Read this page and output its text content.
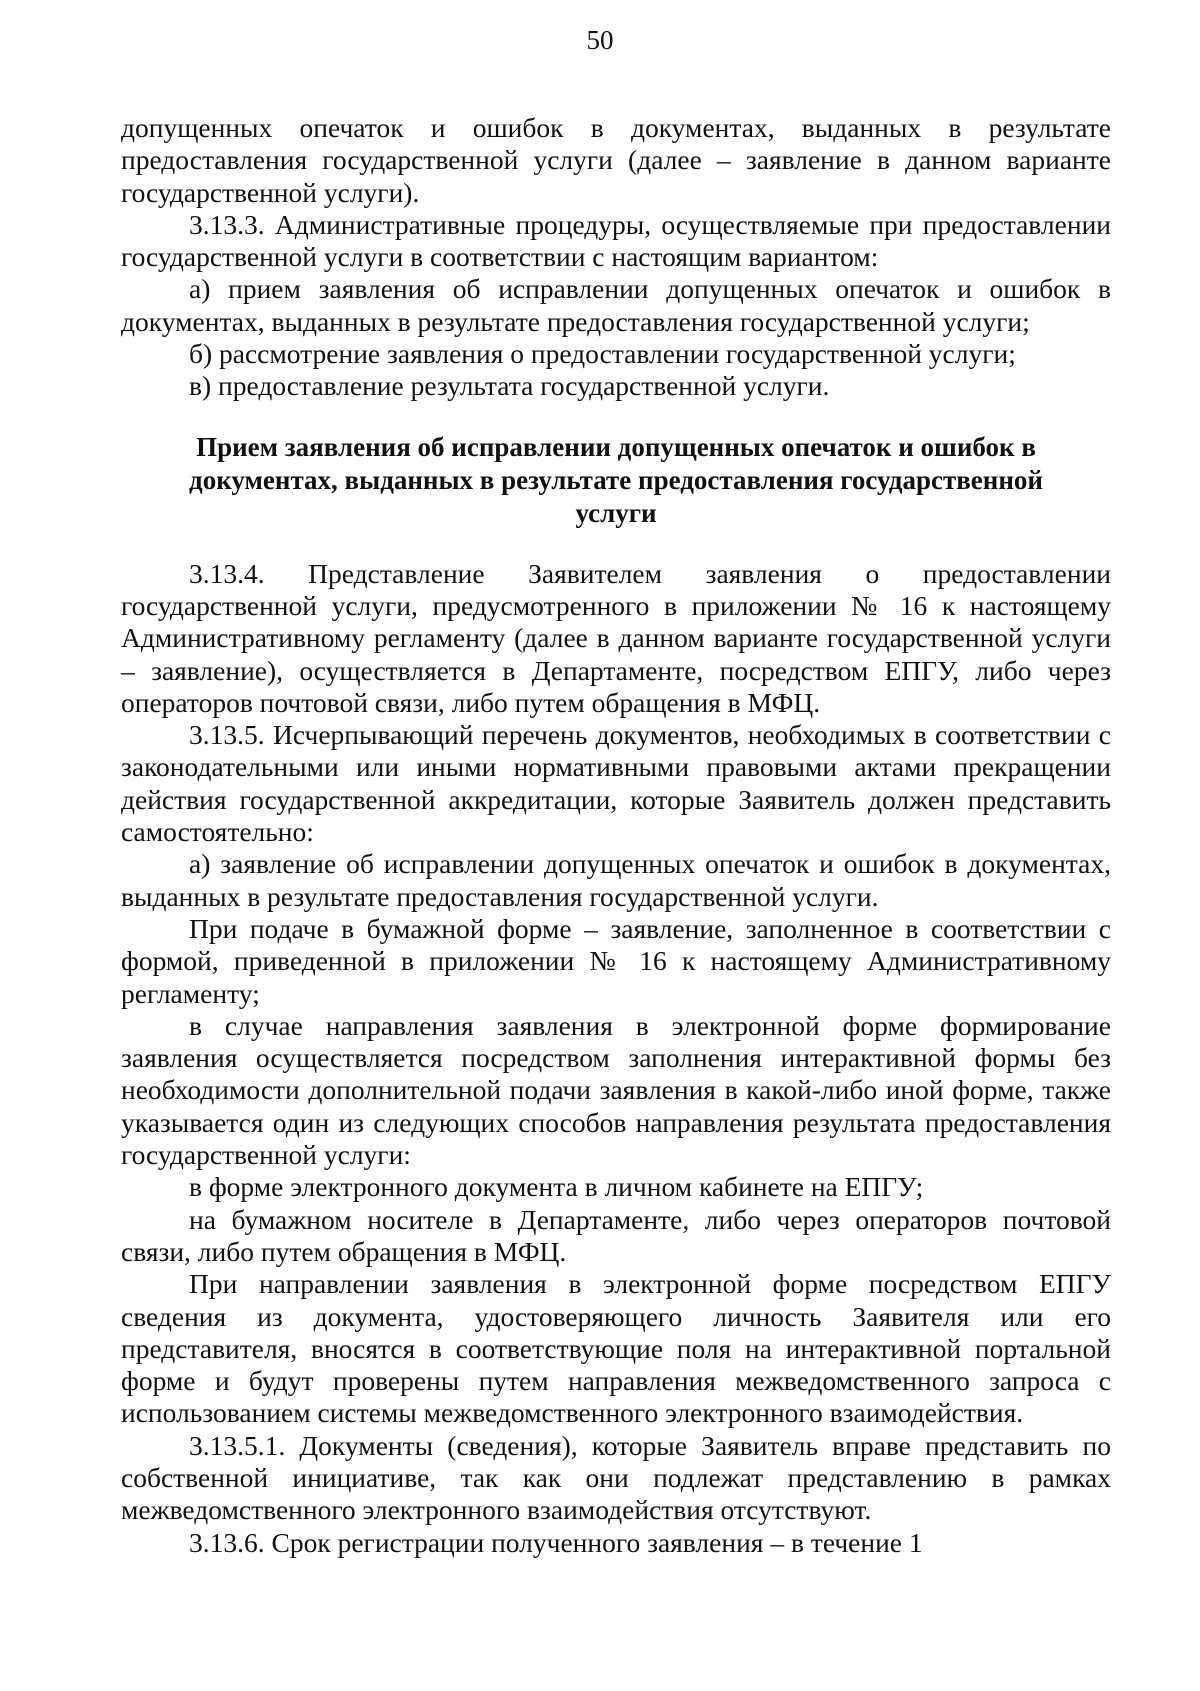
50

допущенных опечаток и ошибок в документах, выданных в результате предоставления государственной услуги (далее – заявление в данном варианте государственной услуги).

3.13.3. Административные процедуры, осуществляемые при предоставлении государственной услуги в соответствии с настоящим вариантом:

а) прием заявления об исправлении допущенных опечаток и ошибок в документах, выданных в результате предоставления государственной услуги;

б) рассмотрение заявления о предоставлении государственной услуги;

в) предоставление результата государственной услуги.

Прием заявления об исправлении допущенных опечаток и ошибок в документах, выданных в результате предоставления государственной услуги

3.13.4. Представление Заявителем заявления о предоставлении государственной услуги, предусмотренного в приложении № 16 к настоящему Административному регламенту (далее в данном варианте государственной услуги – заявление), осуществляется в Департаменте, посредством ЕПГУ, либо через операторов почтовой связи, либо путем обращения в МФЦ.

3.13.5. Исчерпывающий перечень документов, необходимых в соответствии с законодательными или иными нормативными правовыми актами прекращении действия государственной аккредитации, которые Заявитель должен представить самостоятельно:

а) заявление об исправлении допущенных опечаток и ошибок в документах, выданных в результате предоставления государственной услуги.

При подаче в бумажной форме – заявление, заполненное в соответствии с формой, приведенной в приложении № 16 к настоящему Административному регламенту;

в случае направления заявления в электронной форме формирование заявления осуществляется посредством заполнения интерактивной формы без необходимости дополнительной подачи заявления в какой-либо иной форме, также указывается один из следующих способов направления результата предоставления государственной услуги:

в форме электронного документа в личном кабинете на ЕПГУ;

на бумажном носителе в Департаменте, либо через операторов почтовой связи, либо путем обращения в МФЦ.

При направлении заявления в электронной форме посредством ЕПГУ сведения из документа, удостоверяющего личность Заявителя или его представителя, вносятся в соответствующие поля на интерактивной портальной форме и будут проверены путем направления межведомственного запроса с использованием системы межведомственного электронного взаимодействия.

3.13.5.1. Документы (сведения), которые Заявитель вправе представить по собственной инициативе, так как они подлежат представлению в рамках межведомственного электронного взаимодействия отсутствуют.

3.13.6. Срок регистрации полученного заявления – в течение 1
